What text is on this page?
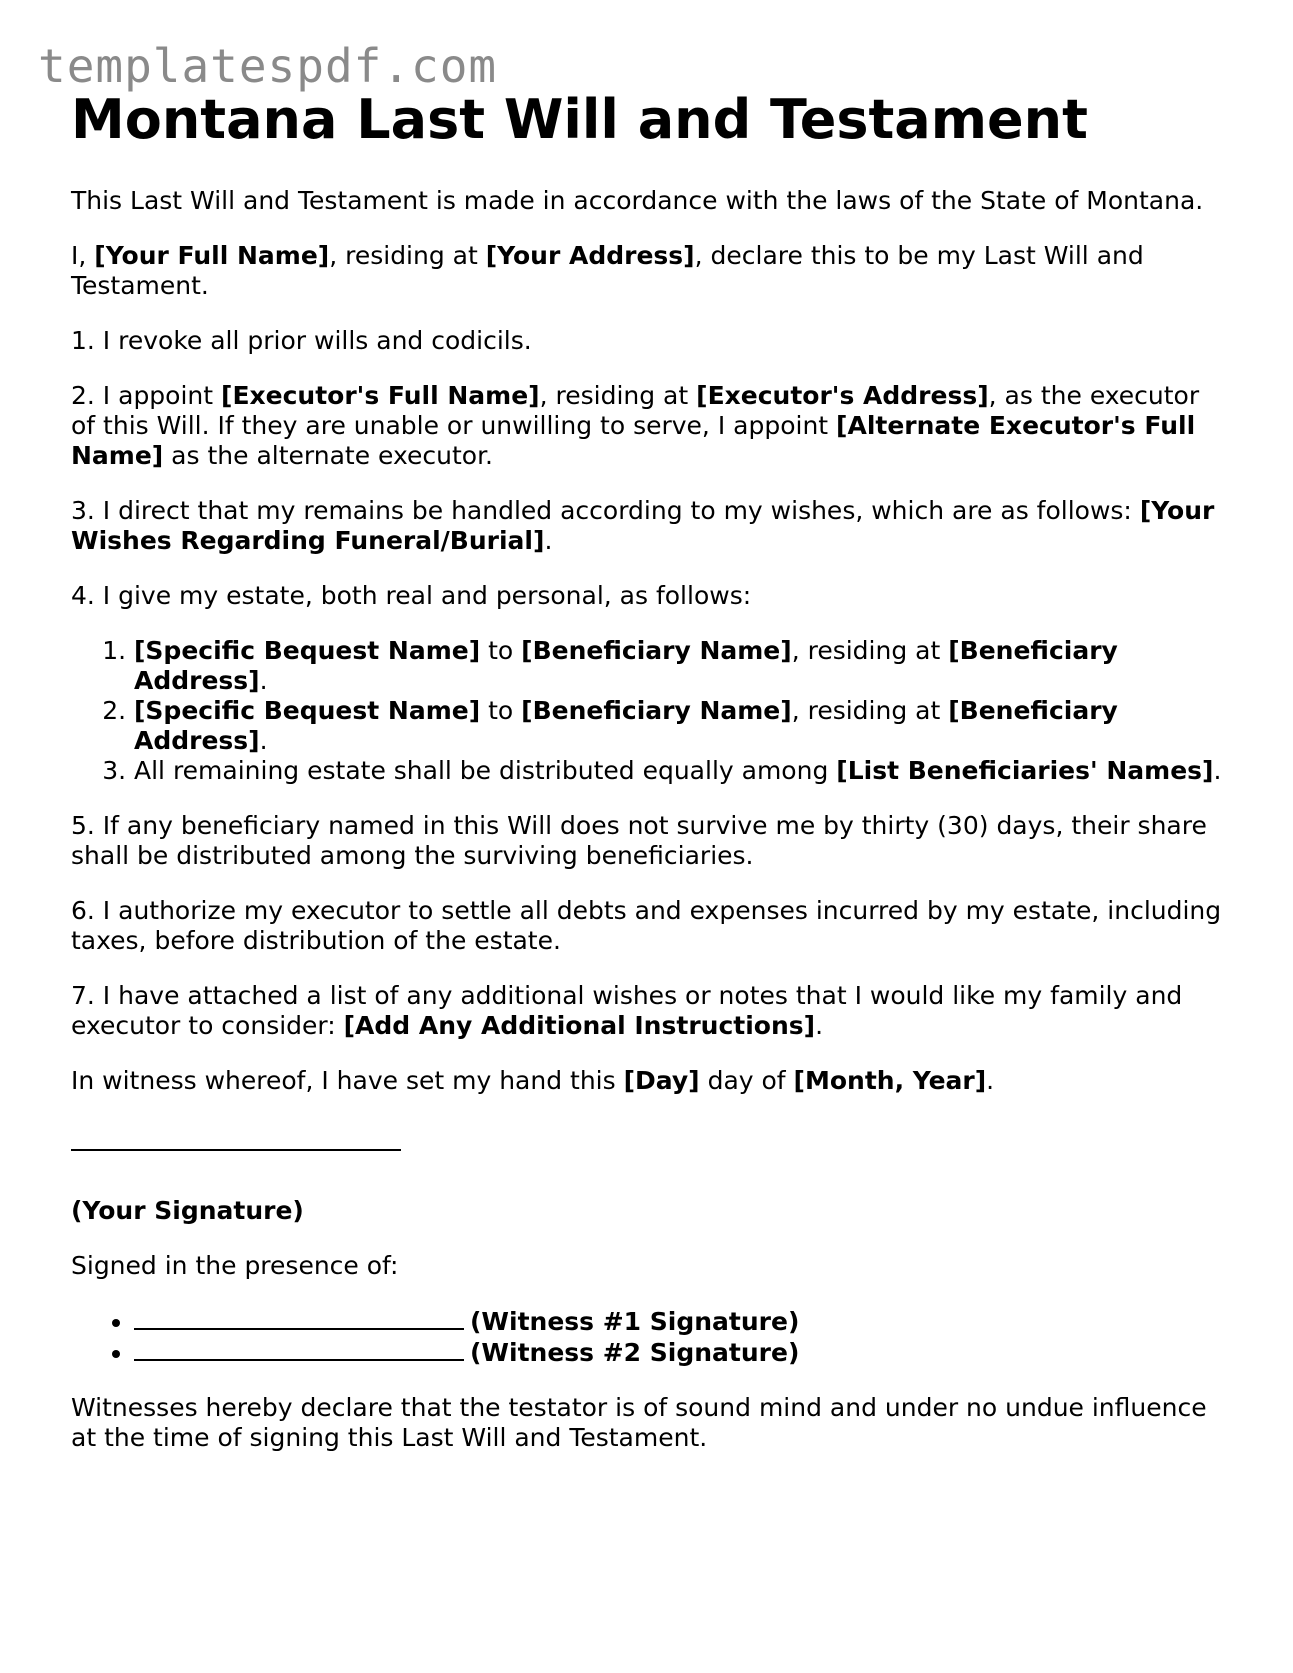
templatespdf.com
Montana Last Will and Testament

This Last Will and Testament is made in accordance with the laws of the State of Montana.

I, [Your Full Name], residing at [Your Address], declare this to be my Last Will and Testament.

1. I revoke all prior wills and codicils.

2. I appoint [Executor's Full Name], residing at [Executor's Address], as the executor of this Will. If they are unable or unwilling to serve, I appoint [Alternate Executor's Full Name] as the alternate executor.

3. I direct that my remains be handled according to my wishes, which are as follows: [Your Wishes Regarding Funeral/Burial].

4. I give my estate, both real and personal, as follows:

1. [Specific Bequest Name] to [Beneficiary Name], residing at [Beneficiary Address].
2. [Specific Bequest Name] to [Beneficiary Name], residing at [Beneficiary Address].
3. All remaining estate shall be distributed equally among [List Beneficiaries' Names].

5. If any beneficiary named in this Will does not survive me by thirty (30) days, their share shall be distributed among the surviving beneficiaries.

6. I authorize my executor to settle all debts and expenses incurred by my estate, including taxes, before distribution of the estate.

7. I have attached a list of any additional wishes or notes that I would like my family and executor to consider: [Add Any Additional Instructions].

In witness whereof, I have set my hand this [Day] day of [Month, Year].

(Your Signature)

Signed in the presence of:

• (Witness #1 Signature)
• (Witness #2 Signature)

Witnesses hereby declare that the testator is of sound mind and under no undue influence at the time of signing this Last Will and Testament.
